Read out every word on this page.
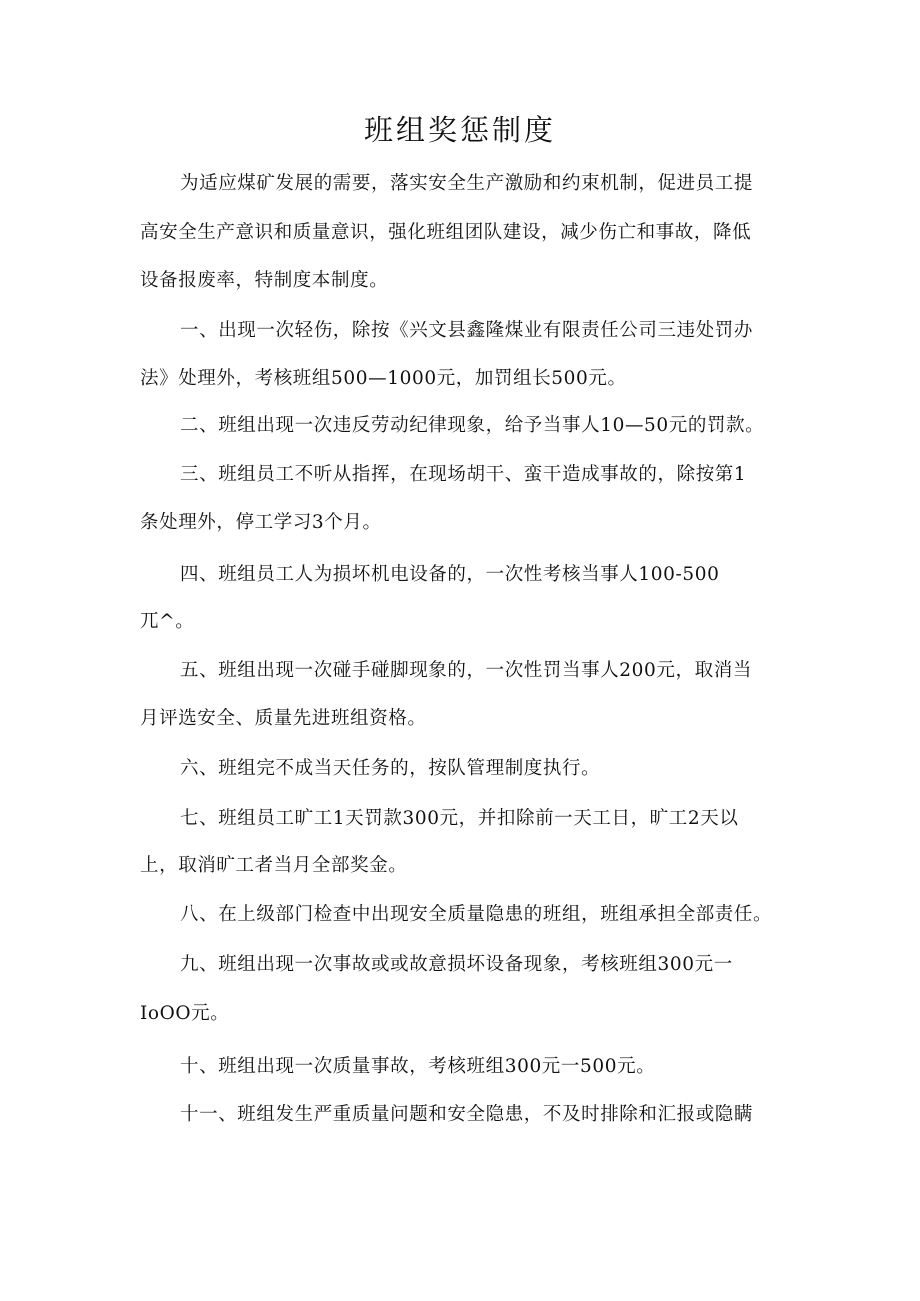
班组奖惩制度
为适应煤矿发展的需要，落实安全生产激励和约束机制，促进员工提
高安全生产意识和质量意识，强化班组团队建设，减少伤亡和事故，降低
设备报废率，特制度本制度。
一、出现一次轻伤，除按《兴文县鑫隆煤业有限责任公司三违处罚办
法》处理外，考核班组500—1000元，加罚组长500元。
二、班组出现一次违反劳动纪律现象，给予当事人10—50元的罚款。
三、班组员工不听从指挥，在现场胡干、蛮干造成事故的，除按第1
条处理外，停工学习3个月。
四、班组员工人为损坏机电设备的，一次性考核当事人100-500
兀^。
五、班组出现一次碰手碰脚现象的，一次性罚当事人200元，取消当
月评选安全、质量先进班组资格。
六、班组完不成当天任务的，按队管理制度执行。
七、班组员工旷工1天罚款300元，并扣除前一天工日，旷工2天以
上，取消旷工者当月全部奖金。
八、在上级部门检查中出现安全质量隐患的班组，班组承担全部责任。
九、班组出现一次事故或或故意损坏设备现象，考核班组300元一
IoOO元。
十、班组出现一次质量事故，考核班组300元一500元。
十一、班组发生严重质量问题和安全隐患，不及时排除和汇报或隐瞒
